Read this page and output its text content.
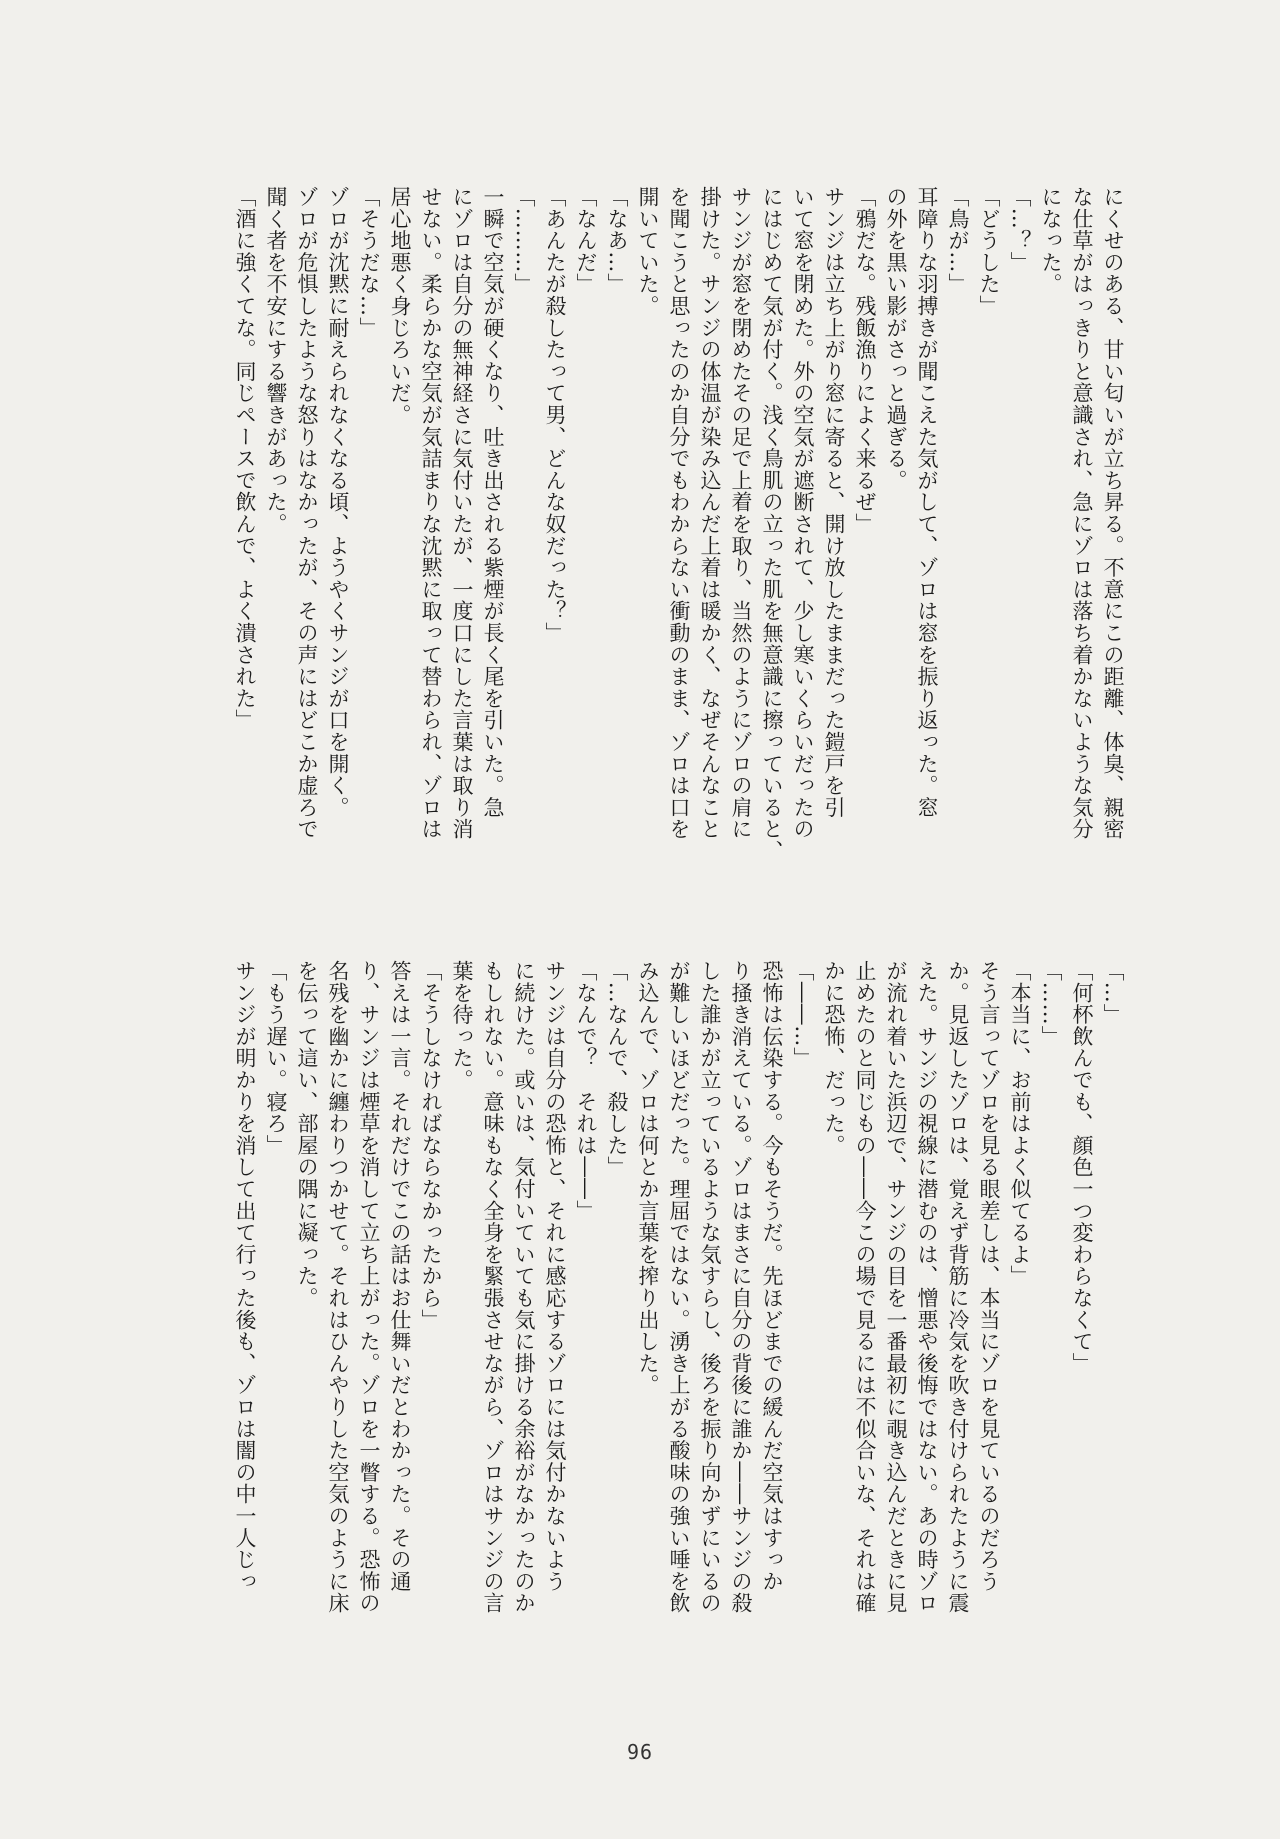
にくせのある、甘い匂いが立ち昇る。不意にこの距離、体臭、親密

な仕草がはっきりと意識され、急にゾロは落ち着かないような気分

になった。

「…？」

「どうした」

「鳥が…」

耳障りな羽搏きが聞こえた気がして、ゾロは窓を振り返った。窓

の外を黒い影がさっと過ぎる。

「鴉だな。残飯漁りによく来るぜ」

サンジは立ち上がり窓に寄ると、開け放したままだった鎧戸を引

いて窓を閉めた。外の空気が遮断されて、少し寒いくらいだったの

にはじめて気が付く。浅く鳥肌の立った肌を無意識に擦っていると、

サンジが窓を閉めたその足で上着を取り、当然のようにゾロの肩に

掛けた。サンジの体温が染み込んだ上着は暖かく、なぜそんなこと

を聞こうと思ったのか自分でもわからない衝動のまま、ゾロは口を

開いていた。

「なあ…」

「なんだ」

「あんたが殺したって男、どんな奴だった？」

「………」

一瞬で空気が硬くなり、吐き出される紫煙が長く尾を引いた。急

にゾロは自分の無神経さに気付いたが、一度口にした言葉は取り消

せない。柔らかな空気が気詰まりな沈黙に取って替わられ、ゾロは

居心地悪く身じろいだ。

「そうだな…」

ゾロが沈黙に耐えられなくなる頃、ようやくサンジが口を開く。

ゾロが危惧したような怒りはなかったが、その声にはどこか虚ろで

聞く者を不安にする響きがあった。

「酒に強くてな。同じペースで飲んで、よく潰された」

「…」

「何杯飲んでも、顔色一つ変わらなくて」

「……」

「本当に、お前はよく似てるよ」

そう言ってゾロを見る眼差しは、本当にゾロを見ているのだろう

か。見返したゾロは、覚えず背筋に冷気を吹き付けられたように震

えた。サンジの視線に潜むのは、憎悪や後悔ではない。あの時ゾロ

が流れ着いた浜辺で、サンジの目を一番最初に覗き込んだときに見

止めたのと同じもの――今この場で見るには不似合いな、それは確

かに恐怖、だった。

「――…」

恐怖は伝染する。今もそうだ。先ほどまでの緩んだ空気はすっか

り掻き消えている。ゾロはまさに自分の背後に誰か――サンジの殺

した誰かが立っているような気すらし、後ろを振り向かずにいるの

が難しいほどだった。理屈ではない。湧き上がる酸味の強い唾を飲

み込んで、ゾロは何とか言葉を搾り出した。

「…なんで、殺した」

「なんで？　それは――」

サンジは自分の恐怖と、それに感応するゾロには気付かないよう

に続けた。或いは、気付いていても気に掛ける余裕がなかったのか

もしれない。意味もなく全身を緊張させながら、ゾロはサンジの言

葉を待った。

「そうしなければならなかったから」

答えは一言。それだけでこの話はお仕舞いだとわかった。その通

り、サンジは煙草を消して立ち上がった。ゾロを一瞥する。恐怖の

名残を幽かに纏わりつかせて。それはひんやりした空気のように床

を伝って這い、部屋の隅に凝った。

「もう遅い。寝ろ」

サンジが明かりを消して出て行った後も、ゾロは闇の中一人じっ

96
